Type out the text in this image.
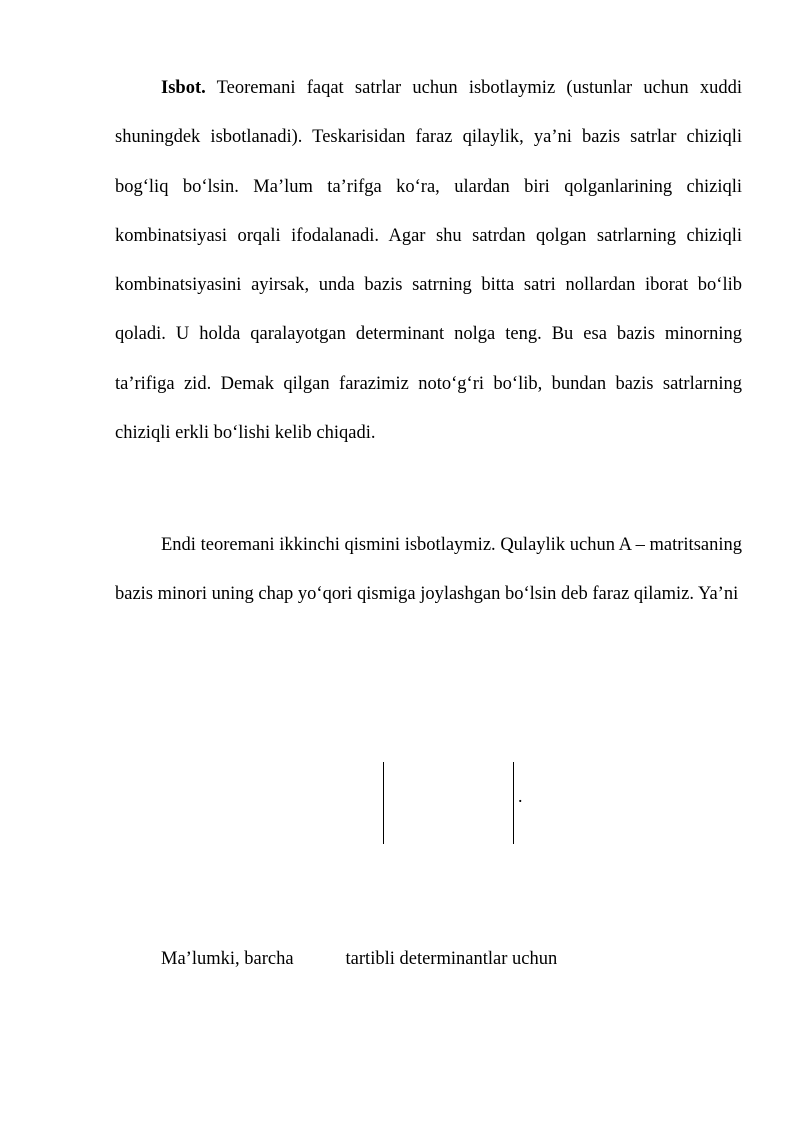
Isbot. Teoremani faqat satrlar uchun isbotlaymiz (ustunlar uchun xuddi shuningdek isbotlanadi). Teskarisidan faraz qilaylik, ya’ni bazis satrlar chiziqli bog‘liq bo‘lsin. Ma’lum ta’rifga ko‘ra, ulardan biri qolganlarining chiziqli kombinatsiyasi orqali ifodalanadi. Agar shu satrdan qolgan satrlarning chiziqli kombinatsiyasini ayirsak, unda bazis satrning bitta satri nollardan iborat bo‘lib qoladi. U holda qaralayotgan determinant nolga teng. Bu esa bazis minorning ta’rifiga zid. Demak qilgan farazimiz noto‘g‘ri bo‘lib, bundan bazis satrlarning chiziqli erkli bo‘lishi kelib chiqadi.

Endi teoremani ikkinchi qismini isbotlaymiz. Qulaylik uchun A – matritsaning bazis minori uning chap yo‘qori qismiga joylashgan bo‘lsin deb faraz qilamiz. Ya’ni

.
Ma’lumki, barcha	tartibli determinantlar uchun
